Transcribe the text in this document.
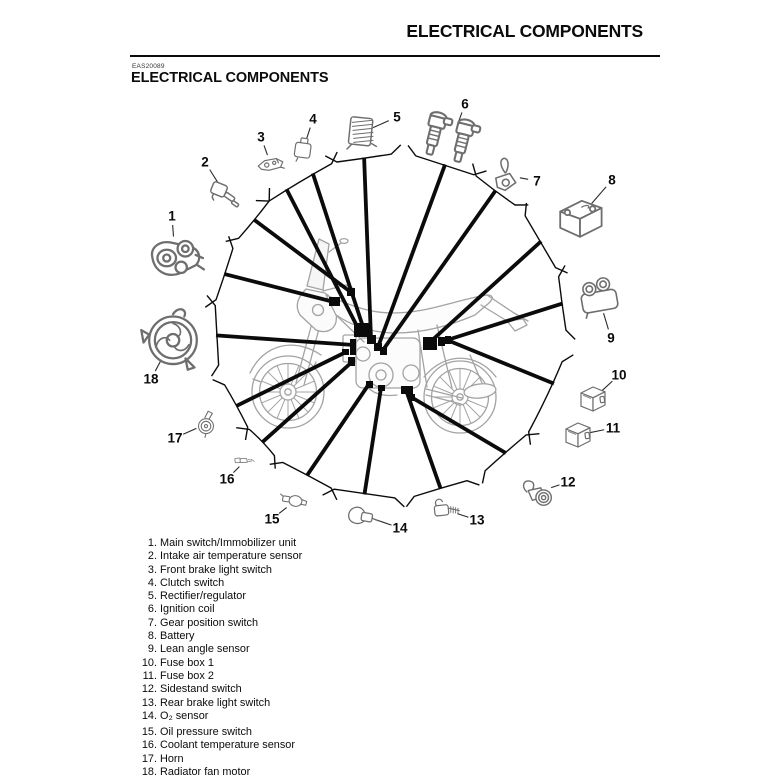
ELECTRICAL COMPONENTS
EAS20089
ELECTRICAL COMPONENTS
1
2
3
4	5
6
7	8
9
10
11
12
13
14
15
16
17
18
1. Main switch/Immobilizer unit
2. Intake air temperature sensor
3. Front brake light switch
4. Clutch switch
5. Rectifier/regulator
6. Ignition coil
7. Gear position switch
8. Battery
9. Lean angle sensor
10. Fuse box 1
11. Fuse box 2
12. Sidestand switch
13. Rear brake light switch
14. O₂ sensor
15. Oil pressure switch
16. Coolant temperature sensor
17. Horn
18. Radiator fan motor
